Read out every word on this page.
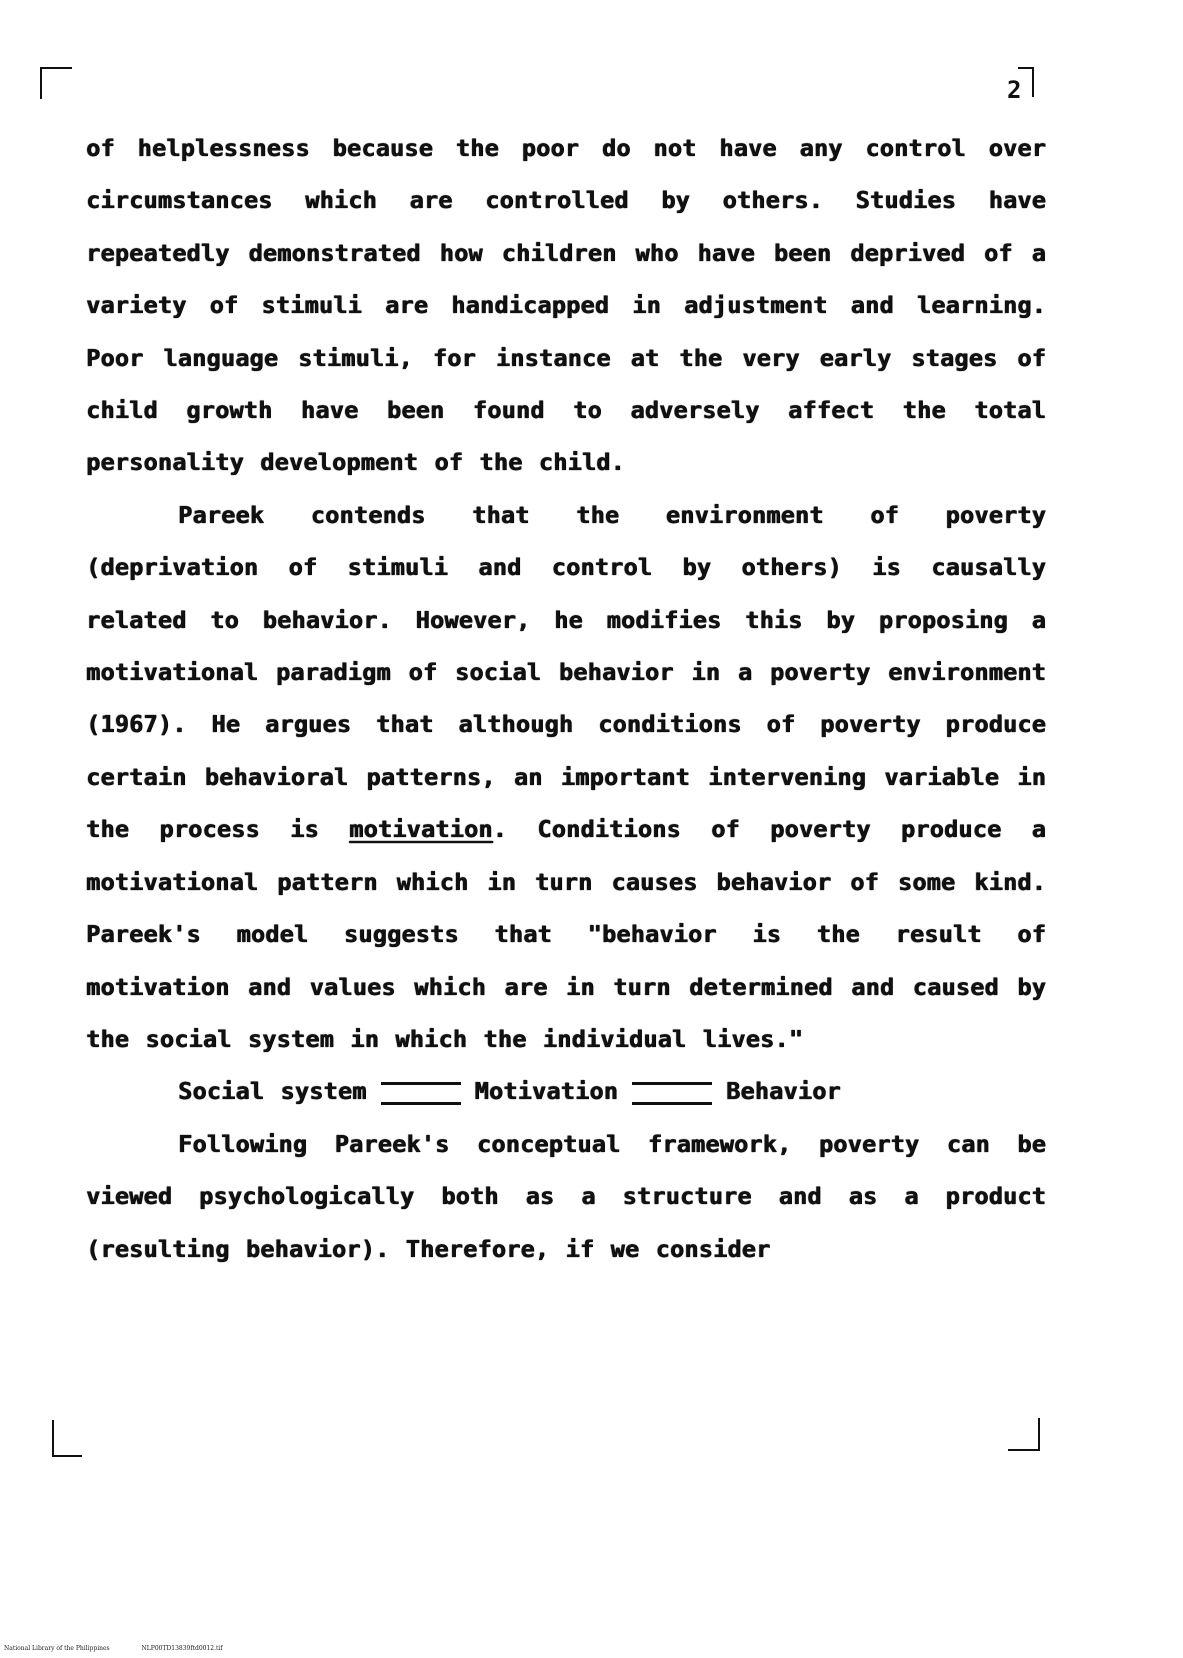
2

of helplessness because the poor do not have any control over circumstances which are controlled by others. Studies have repeatedly demonstrated how children who have been deprived of a variety of stimuli are handicapped in adjustment and learning. Poor language stimuli, for instance at the very early stages of child growth have been found to adversely affect the total personality development of the child.

Pareek contends that the environment of poverty (deprivation of stimuli and control by others) is causally related to behavior. However, he modifies this by proposing a motivational paradigm of social behavior in a poverty environment (1967). He argues that although conditions of poverty produce certain behavioral patterns, an important intervening variable in the process is motivation. Conditions of poverty produce a motivational pattern which in turn causes behavior of some kind. Pareek's model suggests that "behavior is the result of motivation and values which are in turn determined and caused by the social system in which the individual lives."

Social system	Motivation	Behavior

Following Pareek's conceptual framework, poverty can be viewed psychologically both as a structure and as a product (resulting behavior). Therefore, if we consider

National Library of the Philippines	NLP00TD13839ftd0012.tif
